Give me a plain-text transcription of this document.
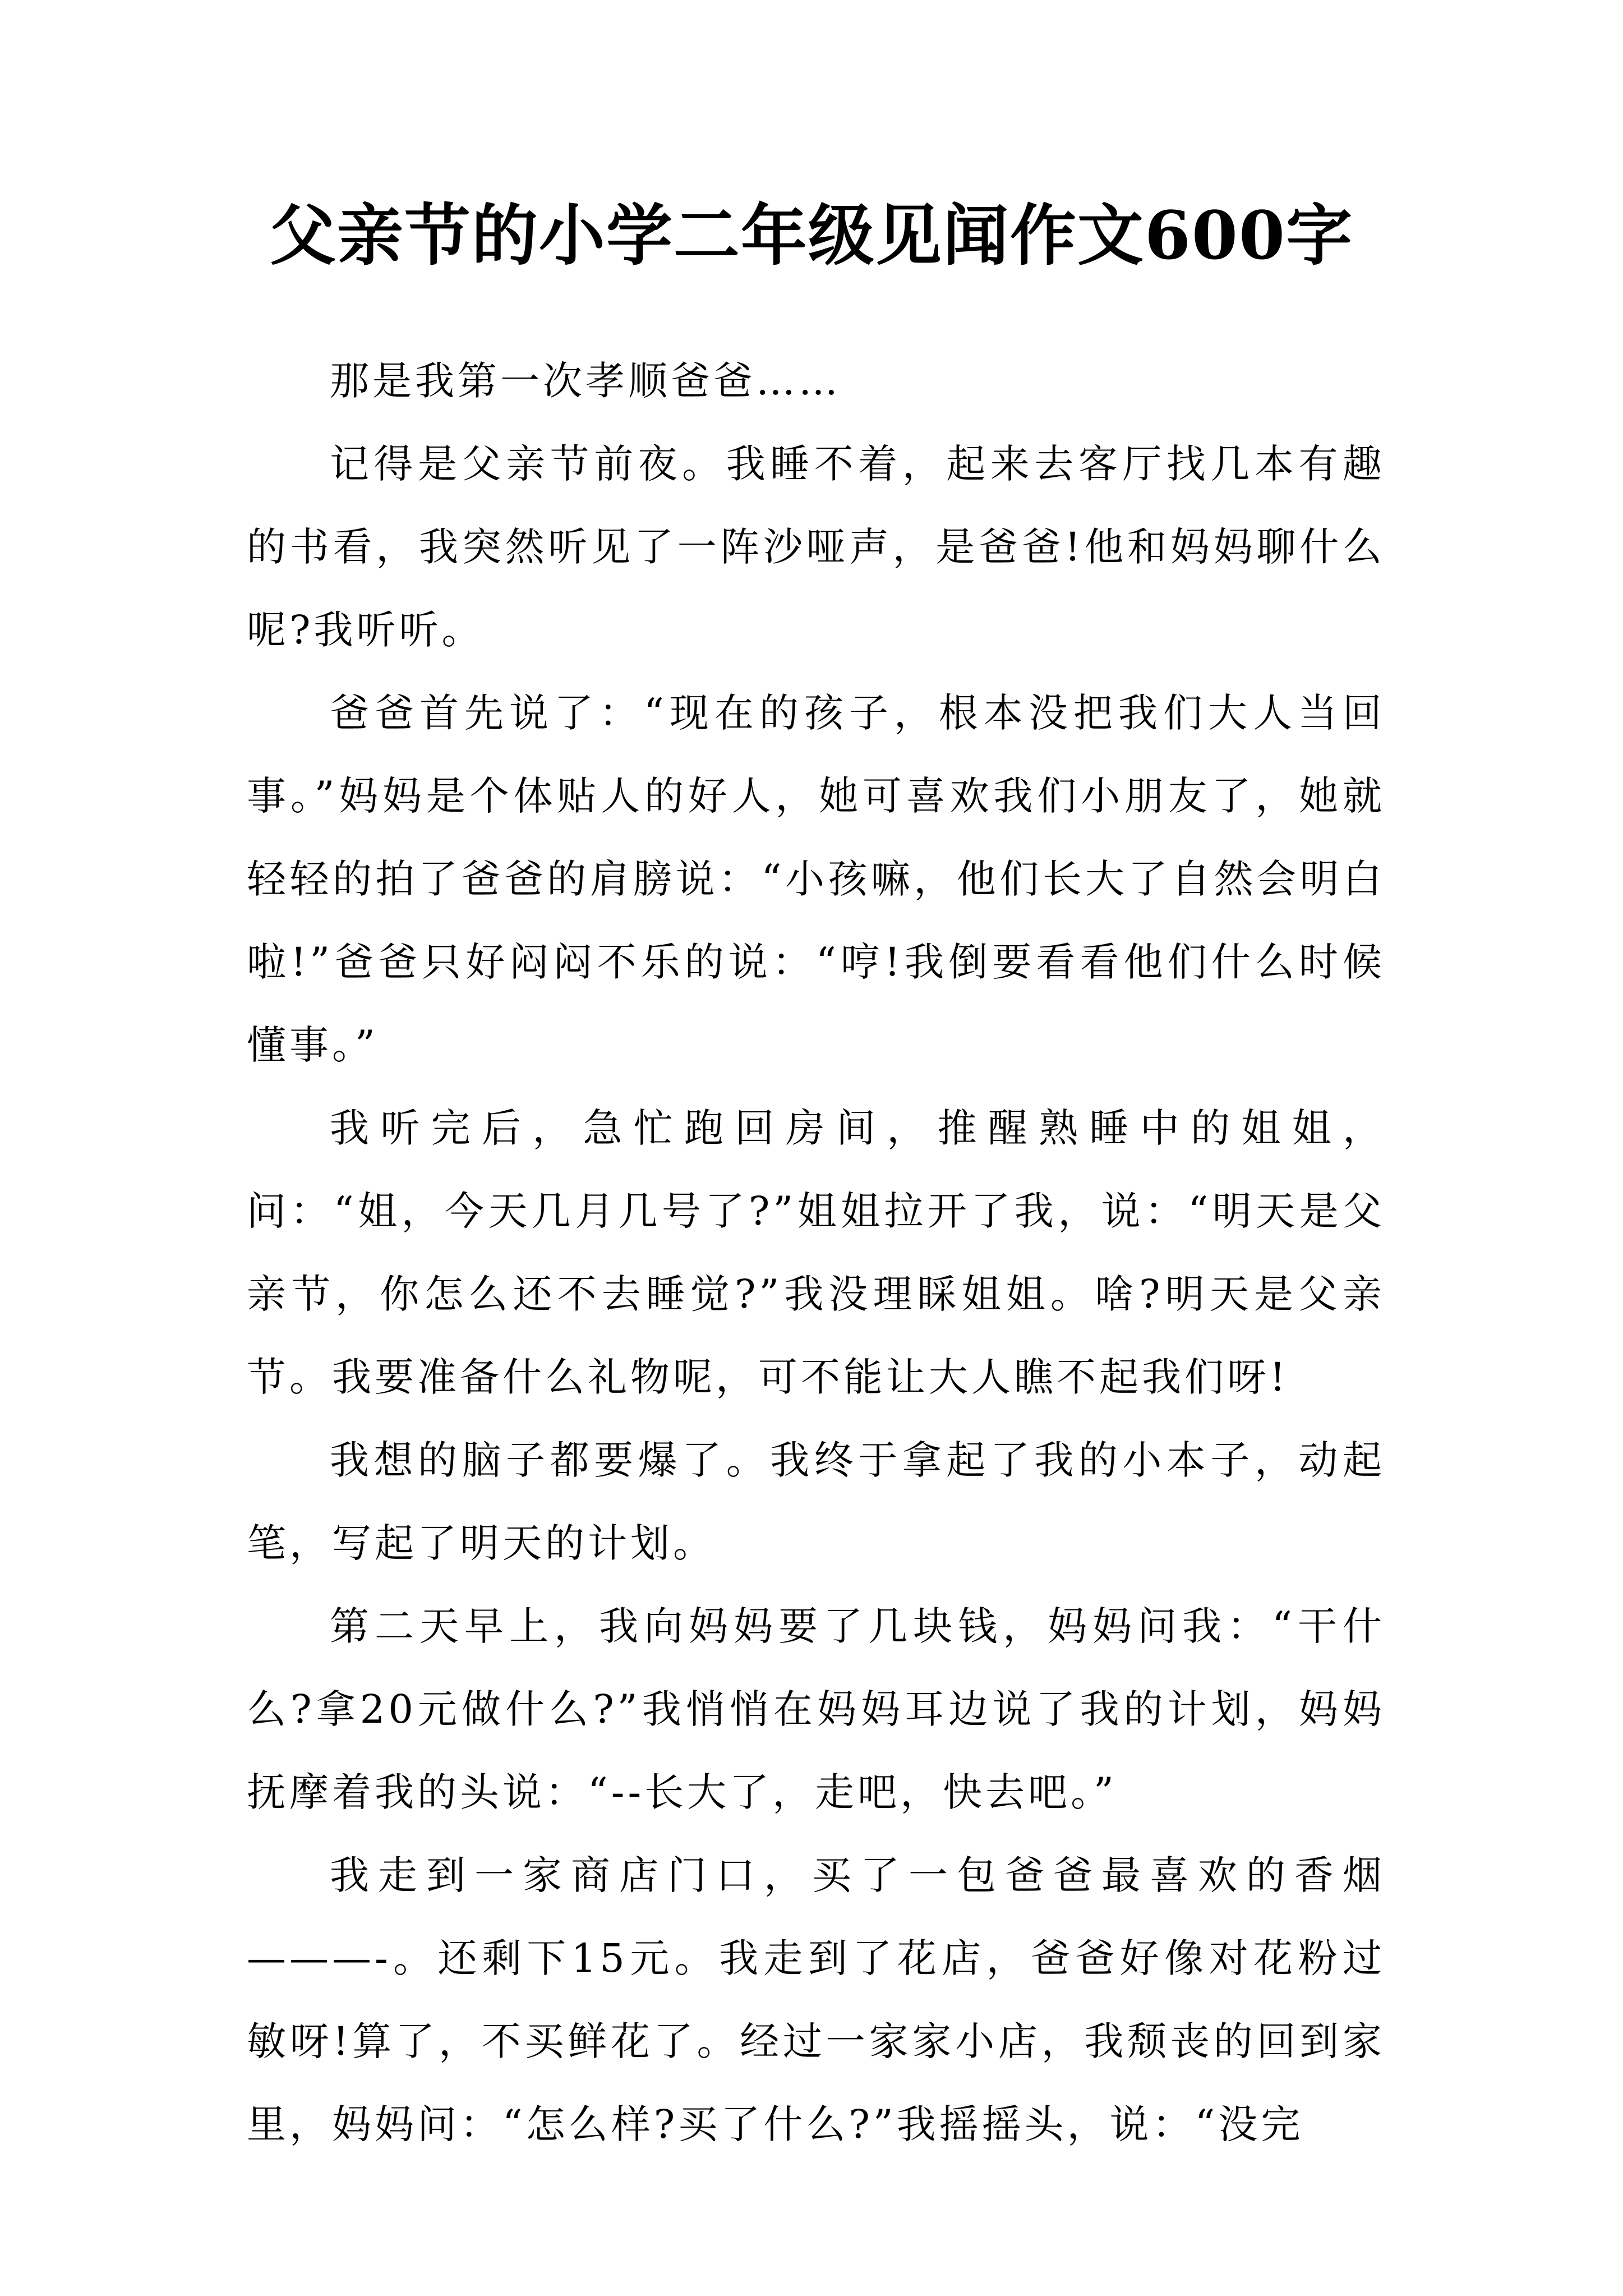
父亲节的小学二年级见闻作文600字

那是我第一次孝顺爸爸……

记得是父亲节前夜。我睡不着，起来去客厅找几本有趣的书看，我突然听见了一阵沙哑声，是爸爸!他和妈妈聊什么呢?我听听。

爸爸首先说了：“现在的孩子，根本没把我们大人当回事。”妈妈是个体贴人的好人，她可喜欢我们小朋友了，她就轻轻的拍了爸爸的肩膀说：“小孩嘛，他们长大了自然会明白啦!”爸爸只好闷闷不乐的说：“哼!我倒要看看他们什么时候懂事。”

我听完后，急忙跑回房间，推醒熟睡中的姐姐，问：“姐，今天几月几号了?”姐姐拉开了我，说：“明天是父亲节，你怎么还不去睡觉?”我没理睬姐姐。啥?明天是父亲节。我要准备什么礼物呢，可不能让大人瞧不起我们呀!

我想的脑子都要爆了。我终于拿起了我的小本子，动起笔，写起了明天的计划。

第二天早上，我向妈妈要了几块钱，妈妈问我：“干什么?拿20元做什么?”我悄悄在妈妈耳边说了我的计划，妈妈抚摩着我的头说：“--长大了，走吧，快去吧。”

我走到一家商店门口，买了一包爸爸最喜欢的香烟———-。还剩下15元。我走到了花店，爸爸好像对花粉过敏呀!算了，不买鲜花了。经过一家家小店，我颓丧的回到家里，妈妈问：“怎么样?买了什么?”我摇摇头，说：“没完
